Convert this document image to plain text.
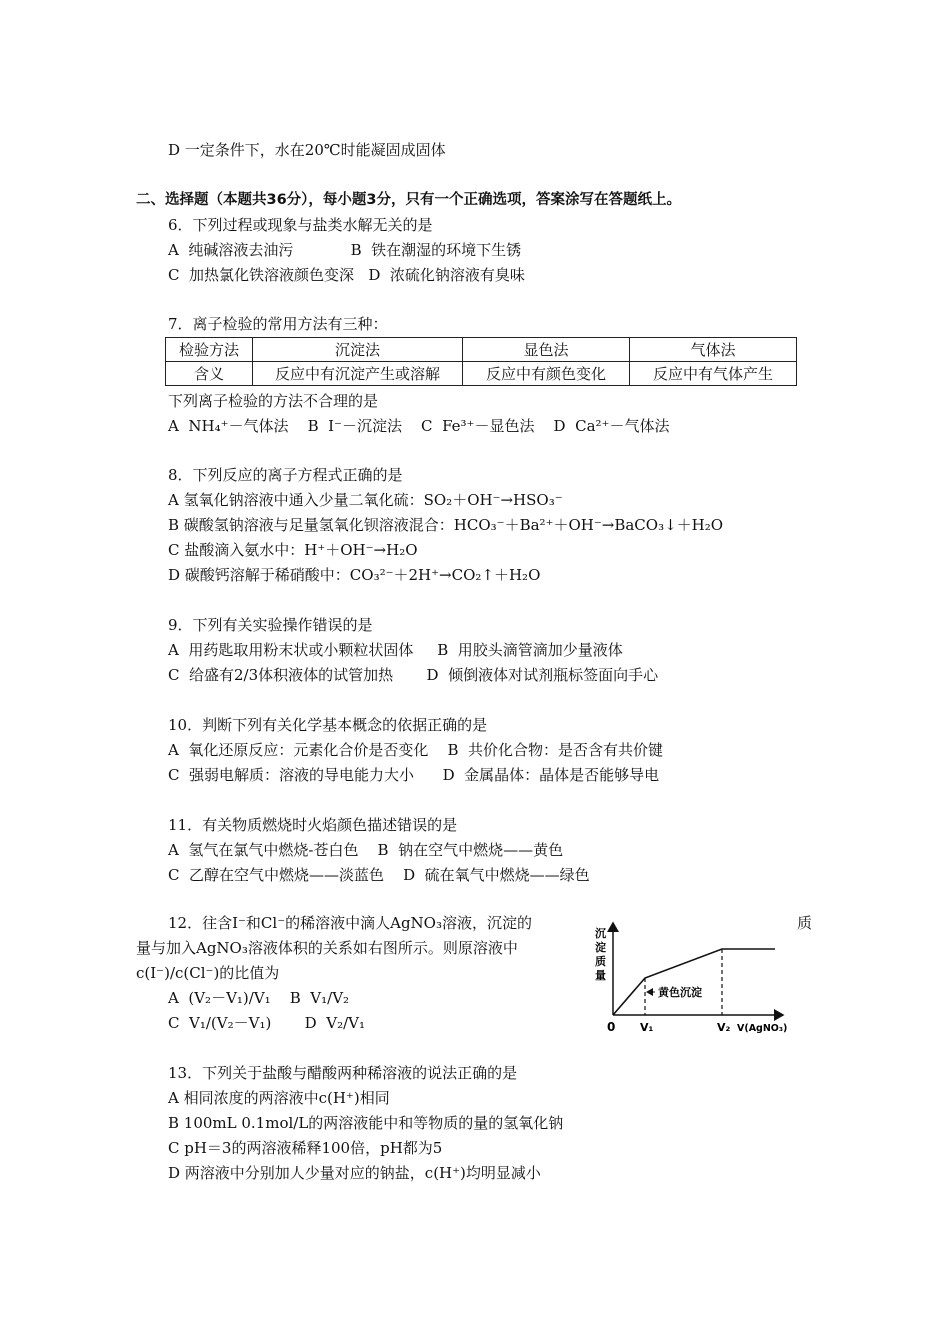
D 一定条件下，水在20℃时能凝固成固体
二、选择题（本题共36分），每小题3分，只有一个正确选项，答案涂写在答题纸上。
6．下列过程或现象与盐类水解无关的是
A  纯碱溶液去油污            B  铁在潮湿的环境下生锈
C  加热氯化铁溶液颜色变深   D  浓硫化钠溶液有臭味
7．离子检验的常用方法有三种：
检验方法	沉淀法	显色法	气体法
含义	反应中有沉淀产生或溶解	反应中有颜色变化	反应中有气体产生
下列离子检验的方法不合理的是
A  NH₄⁺－气体法    B  I⁻－沉淀法    C  Fe³⁺－显色法    D  Ca²⁺－气体法
8．下列反应的离子方程式正确的是
A 氢氧化钠溶液中通入少量二氧化硫：SO₂＋OH⁻→HSO₃⁻
B 碳酸氢钠溶液与足量氢氧化钡溶液混合：HCO₃⁻＋Ba²⁺＋OH⁻→BaCO₃↓＋H₂O
C 盐酸滴入氨水中：H⁺＋OH⁻→H₂O
D 碳酸钙溶解于稀硝酸中：CO₃²⁻＋2H⁺→CO₂↑＋H₂O
9．下列有关实验操作错误的是
A  用药匙取用粉末状或小颗粒状固体     B  用胶头滴管滴加少量液体
C  给盛有2/3体积液体的试管加热       D  倾倒液体对试剂瓶标签面向手心
10．判断下列有关化学基本概念的依据正确的是
A  氧化还原反应：元素化合价是否变化    B  共价化合物：是否含有共价键
C  强弱电解质：溶液的导电能力大小      D  金属晶体：晶体是否能够导电
11．有关物质燃烧时火焰颜色描述错误的是
A  氢气在氯气中燃烧-苍白色    B  钠在空气中燃烧——黄色
C  乙醇在空气中燃烧——淡蓝色    D  硫在氧气中燃烧——绿色
12．往含I⁻和Cl⁻的稀溶液中滴人AgNO₃溶液，沉淀的	质
量与加入AgNO₃溶液体积的关系如右图所示。则原溶液中
c(I⁻)/c(Cl⁻)的比值为
A  (V₂－V₁)/V₁    B  V₁/V₂
C  V₁/(V₂－V₁)       D  V₂/V₁
沉
淀
质
量
黄色沉淀
0 V₁	V₂ V(AgNO₃)
13．下列关于盐酸与醋酸两种稀溶液的说法正确的是
A 相同浓度的两溶液中c(H⁺)相同
B 100mL 0.1mol/L的两溶液能中和等物质的量的氢氧化钠
C pH＝3的两溶液稀释100倍，pH都为5
D 两溶液中分别加人少量对应的钠盐，c(H⁺)均明显减小
